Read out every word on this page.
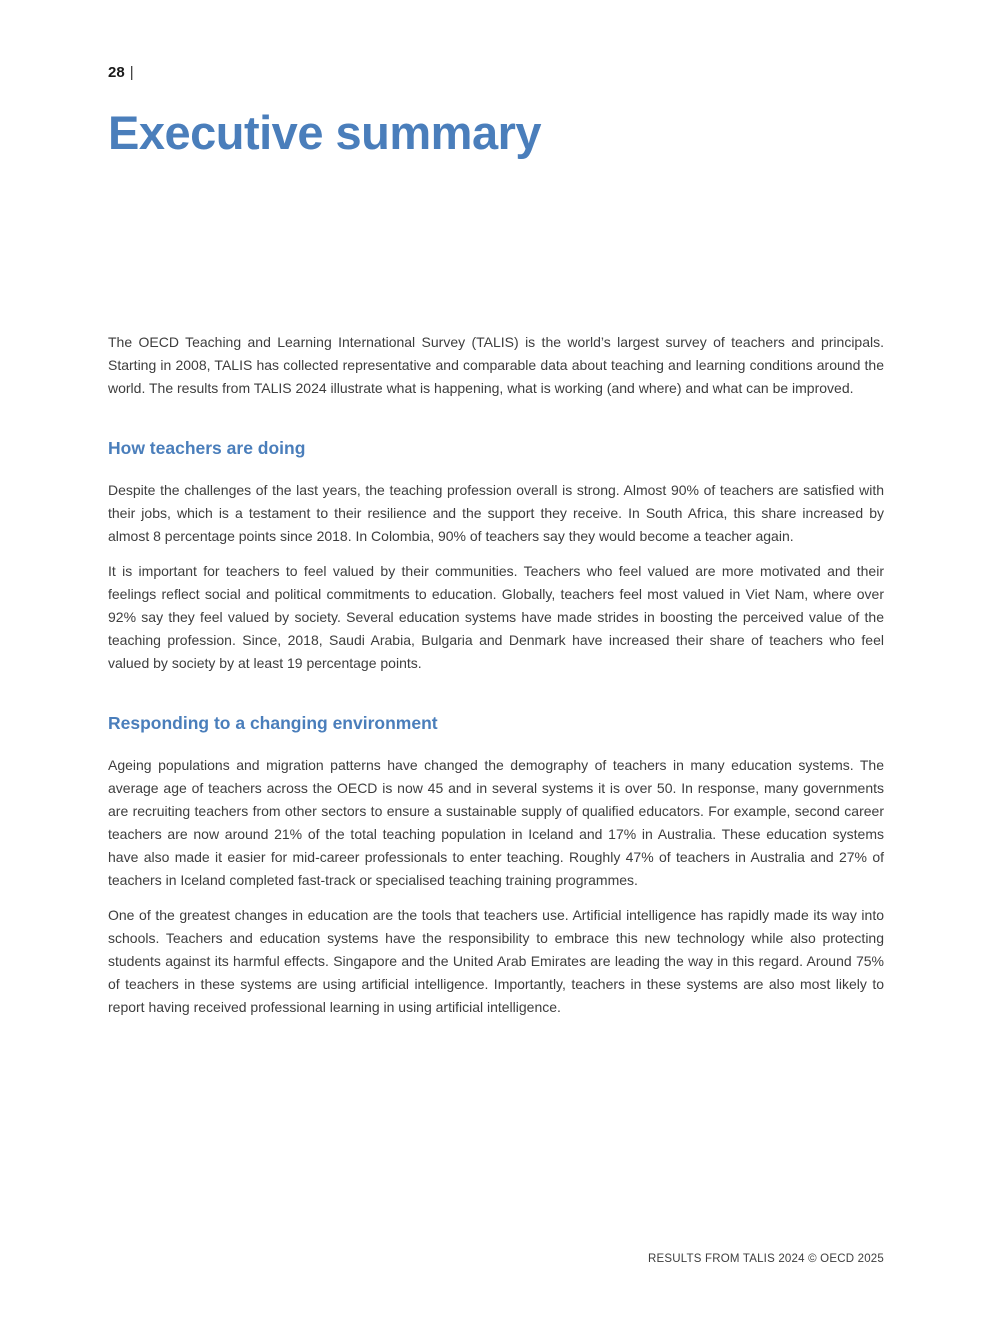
28 |
Executive summary

The OECD Teaching and Learning International Survey (TALIS) is the world’s largest survey of teachers and principals. Starting in 2008, TALIS has collected representative and comparable data about teaching and learning conditions around the world. The results from TALIS 2024 illustrate what is happening, what is working (and where) and what can be improved.

How teachers are doing

Despite the challenges of the last years, the teaching profession overall is strong. Almost 90% of teachers are satisfied with their jobs, which is a testament to their resilience and the support they receive. In South Africa, this share increased by almost 8 percentage points since 2018. In Colombia, 90% of teachers say they would become a teacher again.

It is important for teachers to feel valued by their communities. Teachers who feel valued are more motivated and their feelings reflect social and political commitments to education. Globally, teachers feel most valued in Viet Nam, where over 92% say they feel valued by society. Several education systems have made strides in boosting the perceived value of the teaching profession. Since, 2018, Saudi Arabia, Bulgaria and Denmark have increased their share of teachers who feel valued by society by at least 19 percentage points.

Responding to a changing environment

Ageing populations and migration patterns have changed the demography of teachers in many education systems. The average age of teachers across the OECD is now 45 and in several systems it is over 50. In response, many governments are recruiting teachers from other sectors to ensure a sustainable supply of qualified educators. For example, second career teachers are now around 21% of the total teaching population in Iceland and 17% in Australia. These education systems have also made it easier for mid-career professionals to enter teaching. Roughly 47% of teachers in Australia and 27% of teachers in Iceland completed fast-track or specialised teaching training programmes.

One of the greatest changes in education are the tools that teachers use. Artificial intelligence has rapidly made its way into schools. Teachers and education systems have the responsibility to embrace this new technology while also protecting students against its harmful effects. Singapore and the United Arab Emirates are leading the way in this regard. Around 75% of teachers in these systems are using artificial intelligence. Importantly, teachers in these systems are also most likely to report having received professional learning in using artificial intelligence.

RESULTS FROM TALIS 2024 © OECD 2025
